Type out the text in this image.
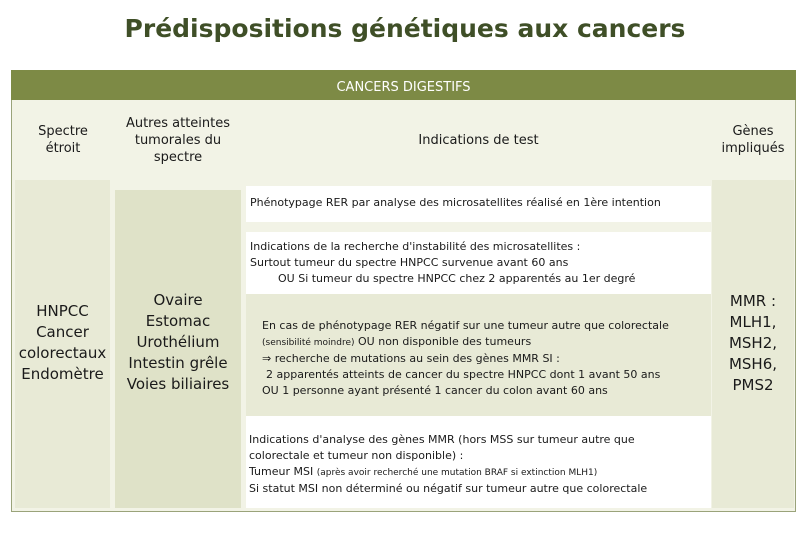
Prédispositions génétiques aux cancers
CANCERS DIGESTIFS
Spectre
étroit
Autres atteintes
tumorales du
spectre
Indications de test
Gènes
impliqués
HNPCC
Cancer
colorectaux
Endomètre
Ovaire
Estomac
Urothélium
Intestin grêle
Voies biliaires
MMR :
MLH1,
MSH2,
MSH6,
PMS2
Phénotypage RER par analyse des microsatellites réalisé en 1ère intention
Indications de la recherche d'instabilité des microsatellites :
Surtout tumeur du spectre HNPCC survenue avant 60 ans
OU Si tumeur du spectre HNPCC chez 2 apparentés au 1er degré
En cas de phénotypage RER négatif sur une tumeur autre que colorectale
(sensibilité moindre) OU non disponible des tumeurs
⇒ recherche de mutations au sein des gènes MMR SI :
2 apparentés atteints de cancer du spectre HNPCC dont 1 avant 50 ans
OU 1 personne ayant présenté 1 cancer du colon avant 60 ans
Indications d'analyse des gènes MMR (hors MSS sur tumeur autre que
colorectale et tumeur non disponible) :
Tumeur MSI (après avoir recherché une mutation BRAF si extinction MLH1)
Si statut MSI non déterminé ou négatif sur tumeur autre que colorectale
